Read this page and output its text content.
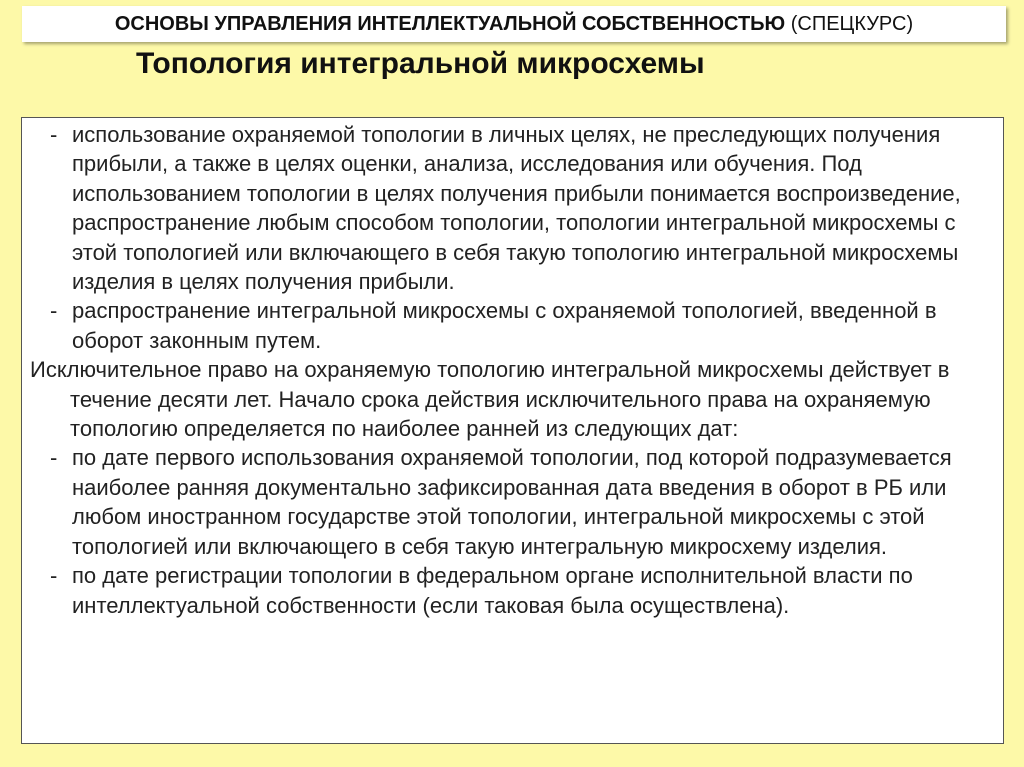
ОСНОВЫ УПРАВЛЕНИЯ ИНТЕЛЛЕКТУАЛЬНОЙ СОБСТВЕННОСТЬЮ (СПЕЦКУРС)
Топология интегральной микросхемы

- использование охраняемой топологии в личных целях, не преследующих получения прибыли, а также в целях оценки, анализа, исследования или обучения. Под использованием топологии в целях получения прибыли понимается воспроизведение, распространение любым способом топологии, топологии интегральной микросхемы с этой топологией или включающего в себя такую топологию интегральной микросхемы изделия в целях получения прибыли.

- распространение интегральной микросхемы с охраняемой топологией, введенной в оборот законным путем.

Исключительное право на охраняемую топологию интегральной микросхемы действует в течение десяти лет. Начало срока действия исключительного права на охраняемую топологию определяется по наиболее ранней из следующих дат:

- по дате первого использования охраняемой топологии, под которой подразумевается наиболее ранняя документально зафиксированная дата введения в оборот в РБ или любом иностранном государстве этой топологии, интегральной микросхемы с этой топологией или включающего в себя такую интегральную микросхему изделия.

- по дате регистрации топологии в федеральном органе исполнительной власти по интеллектуальной собственности (если таковая была осуществлена).
